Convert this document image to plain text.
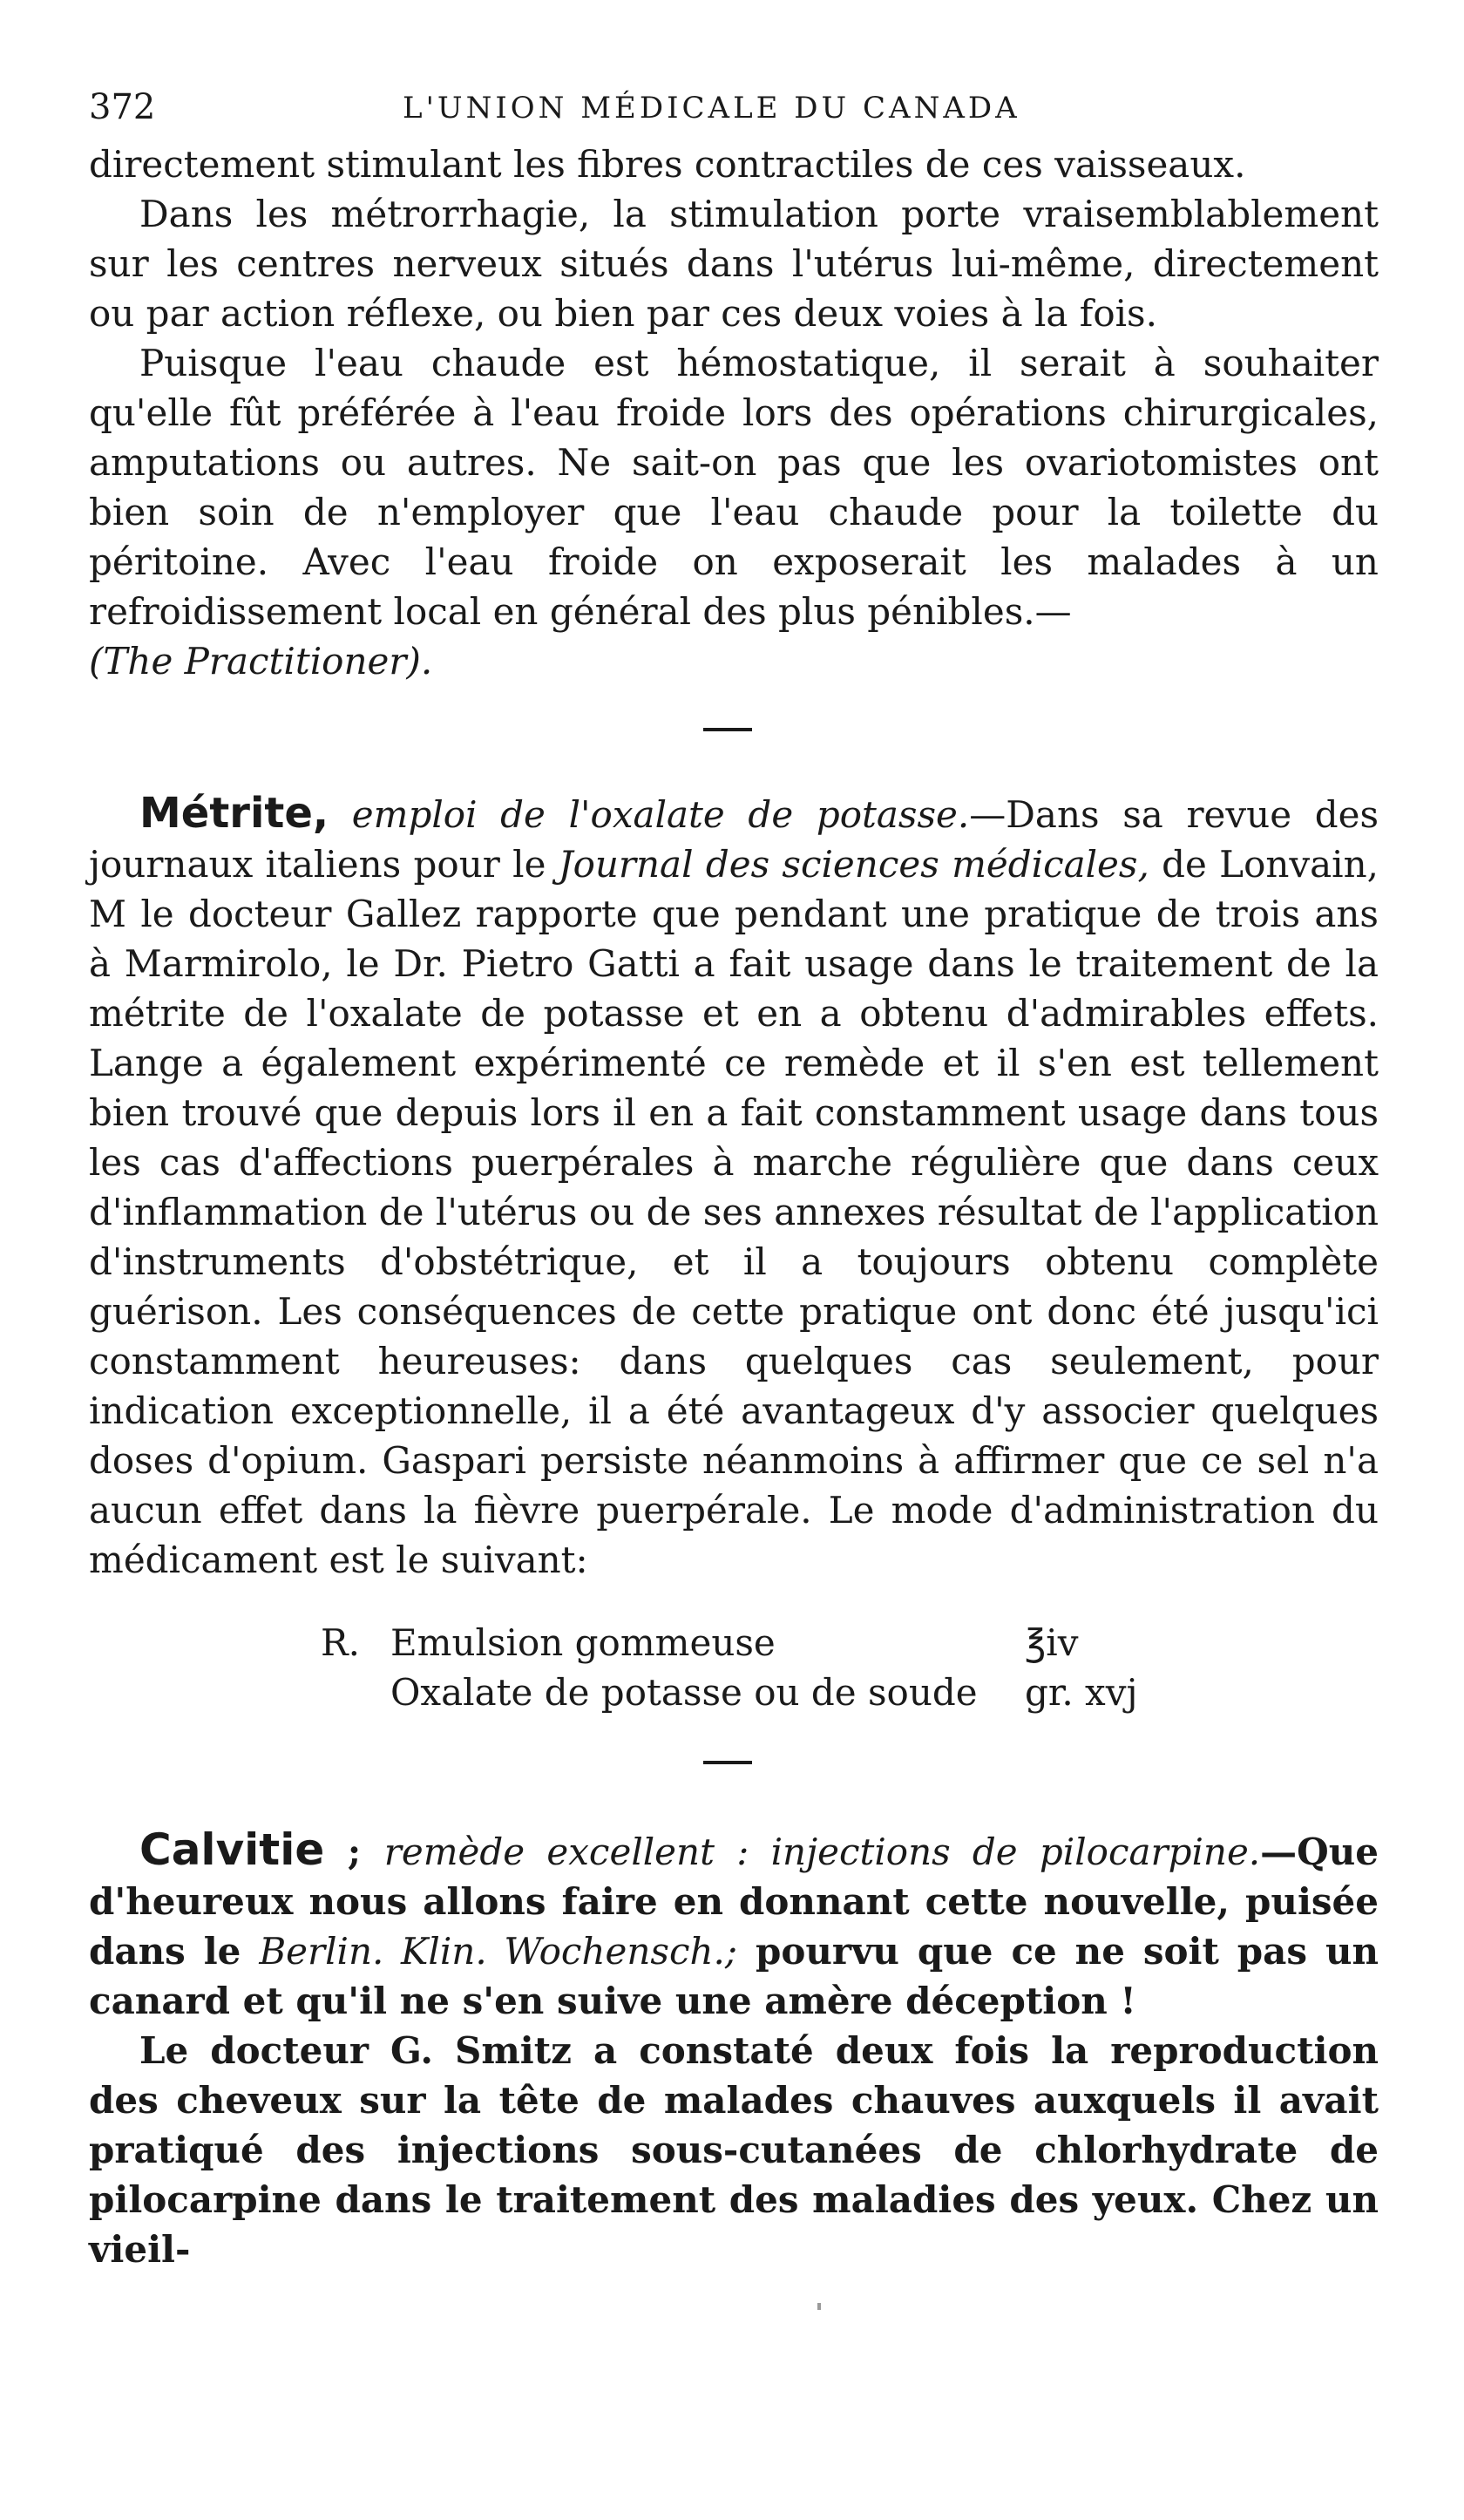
372	L'UNION MÉDICALE DU CANADA

directement stimulant les fibres contractiles de ces vaisseaux.

Dans les métrorrhagie, la stimulation porte vraisemblablement sur les centres nerveux situés dans l'utérus lui-même, directement ou par action réflexe, ou bien par ces deux voies à la fois.

Puisque l'eau chaude est hémostatique, il serait à souhaiter qu'elle fût préférée à l'eau froide lors des opérations chirurgicales, amputations ou autres. Ne sait-on pas que les ovariotomistes ont bien soin de n'employer que l'eau chaude pour la toilette du péritoine. Avec l'eau froide on exposerait les malades à un refroidissement local en général des plus pénibles.—
(The Practitioner).

Métrite, emploi de l'oxalate de potasse.—Dans sa revue des journaux italiens pour le Journal des sciences médicales, de Lonvain, M le docteur Gallez rapporte que pendant une pratique de trois ans à Marmirolo, le Dr. Pietro Gatti a fait usage dans le traitement de la métrite de l'oxalate de potasse et en a obtenu d'admirables effets. Lange a également expérimenté ce remède et il s'en est tellement bien trouvé que depuis lors il en a fait constamment usage dans tous les cas d'affections puerpérales à marche régulière que dans ceux d'inflammation de l'utérus ou de ses annexes résultat de l'application d'instruments d'obstétrique, et il a toujours obtenu complète guérison. Les conséquences de cette pratique ont donc été jusqu'ici constamment heureuses: dans quelques cas seulement, pour indication exceptionnelle, il a été avantageux d'y associer quelques doses d'opium. Gaspari persiste néanmoins à affirmer que ce sel n'a aucun effet dans la fièvre puerpérale. Le mode d'administration du médicament est le suivant:

R. Emulsion gommeuse	℥iv
Oxalate de potasse ou de soude gr. xvj

Calvitie ; remède excellent : injections de pilocarpine.—Que d'heureux nous allons faire en donnant cette nouvelle, puisée dans le Berlin. Klin. Wochensch.; pourvu que ce ne soit pas un canard et qu'il ne s'en suive une amère déception !

Le docteur G. Smitz a constaté deux fois la reproduction des cheveux sur la tête de malades chauves auxquels il avait pratiqué des injections sous-cutanées de chlorhydrate de pilocarpine dans le traitement des maladies des yeux. Chez un vieil-
